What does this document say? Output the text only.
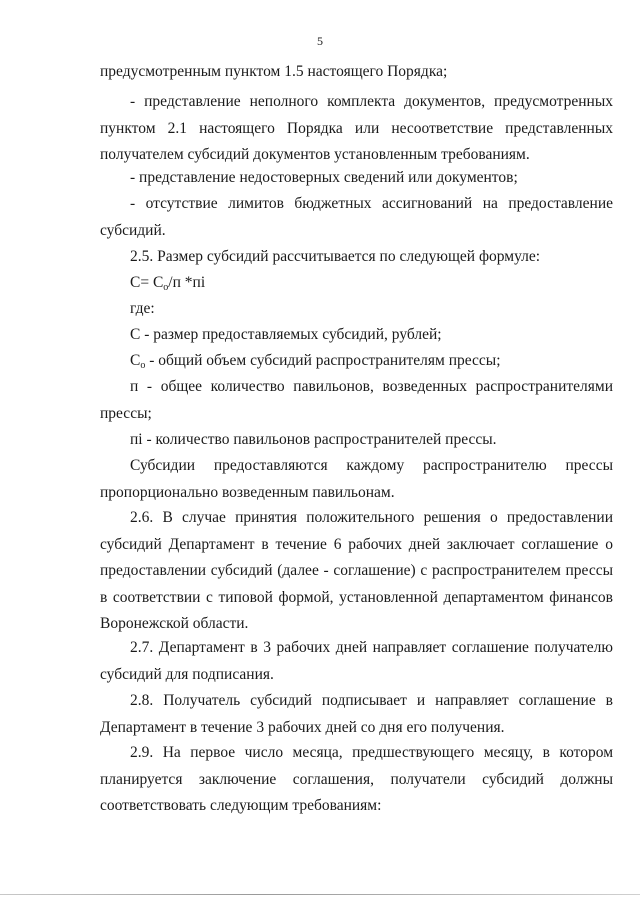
5

предусмотренным пунктом 1.5 настоящего Порядка;

- представление неполного комплекта документов, предусмотренных пунктом 2.1 настоящего Порядка или несоответствие представленных получателем субсидий документов установленным требованиям.

- представление недостоверных сведений или документов;

- отсутствие лимитов бюджетных ассигнований на предоставление субсидий.

2.5. Размер субсидий рассчитывается по следующей формуле:

$С= С_о/п$ *пi

где:

С - размер предоставляемых субсидий, рублей;

$С_о$ - общий объем субсидий распространителям прессы;

п - общее количество павильонов, возведенных распространителями прессы;

пi - количество павильонов распространителей прессы.

Субсидии предоставляются каждому распространителю прессы пропорционально возведенным павильонам.

2.6. В случае принятия положительного решения о предоставлении субсидий Департамент в течение 6 рабочих дней заключает соглашение о предоставлении субсидий (далее - соглашение) с распространителем прессы в соответствии с типовой формой, установленной департаментом финансов Воронежской области.

2.7. Департамент в 3 рабочих дней направляет соглашение получателю субсидий для подписания.

2.8. Получатель субсидий подписывает и направляет соглашение в Департамент в течение 3 рабочих дней со дня его получения.

2.9. На первое число месяца, предшествующего месяцу, в котором планируется заключение соглашения, получатели субсидий должны соответствовать следующим требованиям:
